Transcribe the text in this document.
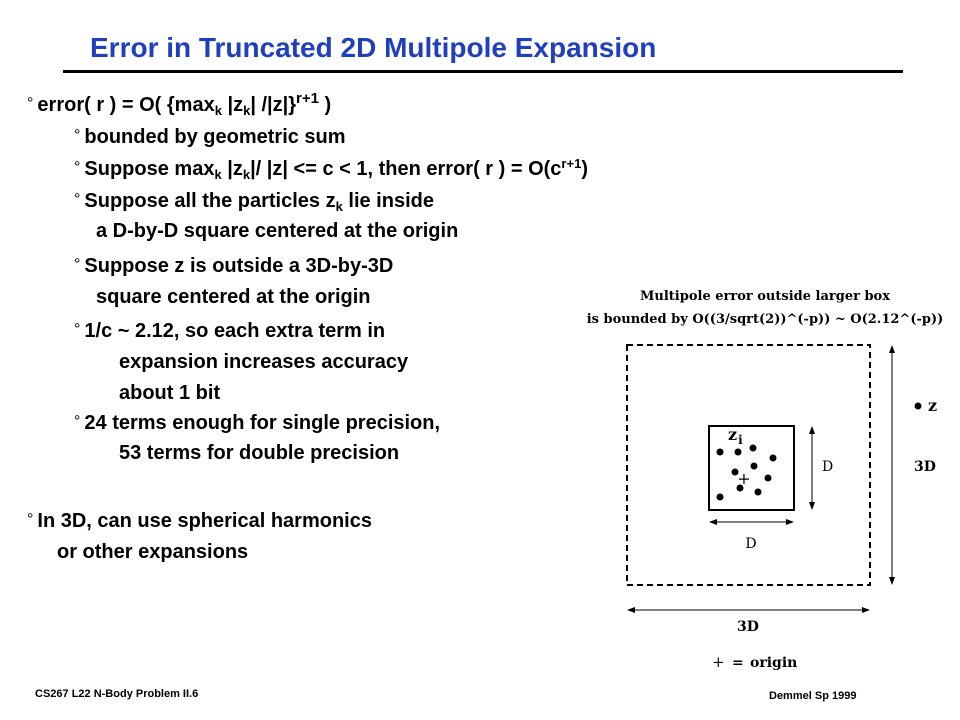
Error in Truncated 2D Multipole Expansion
° error( r ) = O( {$\max_k$ $|z_k|$ /|z|}$^{r+1}$ )
° bounded by geometric sum
° Suppose $\max_k |z_k|/$ |z| <= c < 1, then error( r ) = $O(c^{r+1})$
° Suppose all the particles $z_k$ lie inside
a D-by-D square centered at the origin
° Suppose z is outside a 3D-by-3D
square centered at the origin
° 1/c ~ 2.12, so each extra term in
expansion increases accuracy
about 1 bit
° 24 terms enough for single precision,
53 terms for double precision
° In 3D, can use spherical harmonics
or other expansions
Multipole error outside larger box
is bounded by O((3/sqrt(2))^(-p)) ~ O(2.12^(-p))
+
$z_i$
z
D
D
3D
3D
+ = origin
CS267 L22 N-Body Problem II.6	Demmel Sp 1999
